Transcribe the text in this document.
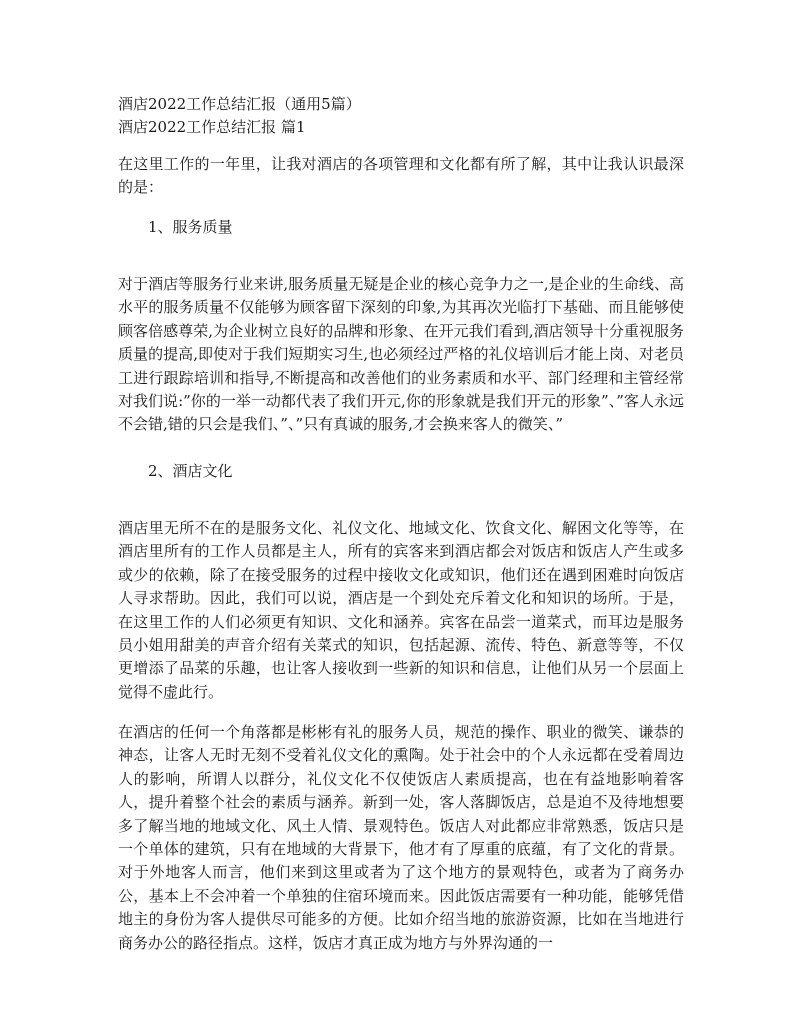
酒店2022工作总结汇报（通用5篇）
酒店2022工作总结汇报 篇1

在这里工作的一年里，让我对酒店的各项管理和文化都有所了解，其中让我认识最深的是：

1、服务质量

对于酒店等服务行业来讲,服务质量无疑是企业的核心竞争力之一,是企业的生命线、高水平的服务质量不仅能够为顾客留下深刻的印象,为其再次光临打下基础、而且能够使顾客倍感尊荣,为企业树立良好的品牌和形象、在开元我们看到,酒店领导十分重视服务质量的提高,即使对于我们短期实习生,也必须经过严格的礼仪培训后才能上岗、对老员工进行跟踪培训和指导,不断提高和改善他们的业务素质和水平、部门经理和主管经常对我们说:”你的一举一动都代表了我们开元,你的形象就是我们开元的形象”、”客人永远不会错,错的只会是我们、”、”只有真诚的服务,才会换来客人的微笑、”

2、酒店文化

酒店里无所不在的是服务文化、礼仪文化、地域文化、饮食文化、解困文化等等，在酒店里所有的工作人员都是主人，所有的宾客来到酒店都会对饭店和饭店人产生或多或少的依赖，除了在接受服务的过程中接收文化或知识，他们还在遇到困难时向饭店人寻求帮助。因此，我们可以说，酒店是一个到处充斥着文化和知识的场所。于是，在这里工作的人们必须更有知识、文化和涵养。宾客在品尝一道菜式，而耳边是服务员小姐用甜美的声音介绍有关菜式的知识，包括起源、流传、特色、新意等等，不仅更增添了品菜的乐趣，也让客人接收到一些新的知识和信息，让他们从另一个层面上觉得不虚此行。

在酒店的任何一个角落都是彬彬有礼的服务人员，规范的操作、职业的微笑、谦恭的神态，让客人无时无刻不受着礼仪文化的熏陶。处于社会中的个人永远都在受着周边人的影响，所谓人以群分，礼仪文化不仅使饭店人素质提高，也在有益地影响着客人，提升着整个社会的素质与涵养。新到一处，客人落脚饭店，总是迫不及待地想要多了解当地的地域文化、风土人情、景观特色。饭店人对此都应非常熟悉，饭店只是一个单体的建筑，只有在地域的大背景下，他才有了厚重的底蕴，有了文化的背景。对于外地客人而言，他们来到这里或者为了这个地方的景观特色，或者为了商务办公，基本上不会冲着一个单独的住宿环境而来。因此饭店需要有一种功能，能够凭借地主的身份为客人提供尽可能多的方便。比如介绍当地的旅游资源，比如在当地进行商务办公的路径指点。这样，饭店才真正成为地方与外界沟通的一
